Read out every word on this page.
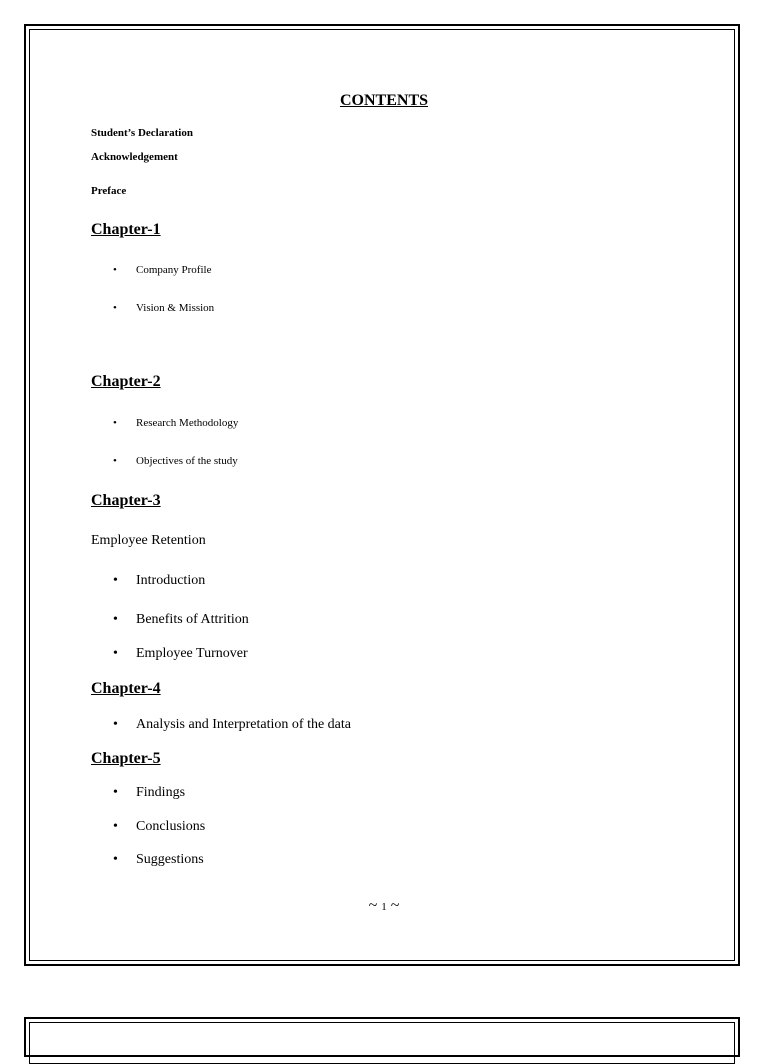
CONTENTS
Student’s Declaration
Acknowledgement
Preface
Chapter-1
• Company Profile
• Vision & Mission
Chapter-2
• Research Methodology
• Objectives of the study
Chapter-3
Employee Retention
• Introduction
• Benefits of Attrition
• Employee Turnover
Chapter-4
• Analysis and Interpretation of the data
Chapter-5
• Findings
• Conclusions
• Suggestions
~ 1 ~
